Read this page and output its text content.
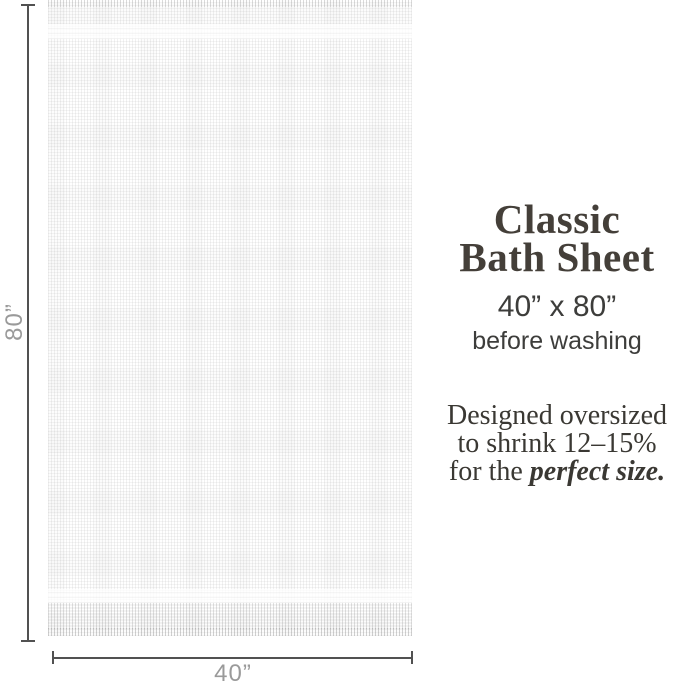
80”
40”
Classic
Bath Sheet
40” x 80”
before washing
Designed oversized
to shrink 12–15%
for the perfect size.
